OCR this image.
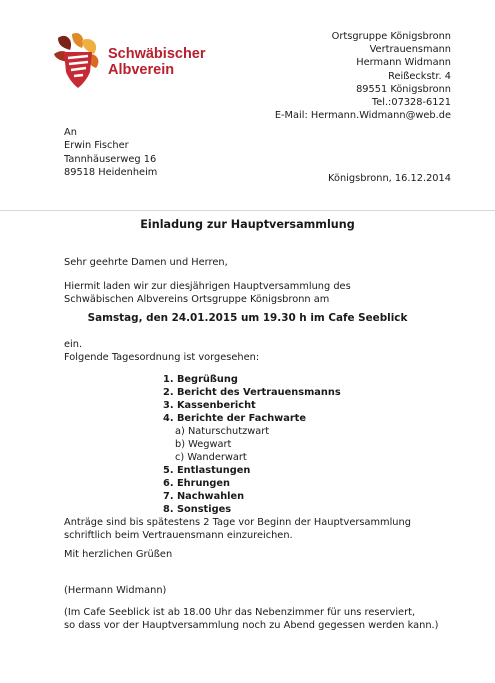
Schwäbischer
Albverein
Ortsgruppe Königsbronn
Vertrauensmann
Hermann Widmann
Reißeckstr. 4
89551 Königsbronn
Tel.:07328-6121
E-Mail: Hermann.Widmann@web.de
An
Erwin Fischer
Tannhäuserweg 16
89518 Heidenheim
Königsbronn, 16.12.2014
Einladung zur Hauptversammlung
Sehr geehrte Damen und Herren,
Hiermit laden wir zur diesjährigen Hauptversammlung des
Schwäbischen Albvereins Ortsgruppe Königsbronn am
Samstag, den 24.01.2015 um 19.30 h im Cafe Seeblick
ein.
Folgende Tagesordnung ist vorgesehen:
1. Begrüßung
2. Bericht des Vertrauensmanns
3. Kassenbericht
4. Berichte der Fachwarte
a) Naturschutzwart
b) Wegwart
c) Wanderwart
5. Entlastungen
6. Ehrungen
7. Nachwahlen
8. Sonstiges
Anträge sind bis spätestens 2 Tage vor Beginn der Hauptversammlung
schriftlich beim Vertrauensmann einzureichen.
Mit herzlichen Grüßen
(Hermann Widmann)
(Im Cafe Seeblick ist ab 18.00 Uhr das Nebenzimmer für uns reserviert,
so dass vor der Hauptversammlung noch zu Abend gegessen werden kann.)
